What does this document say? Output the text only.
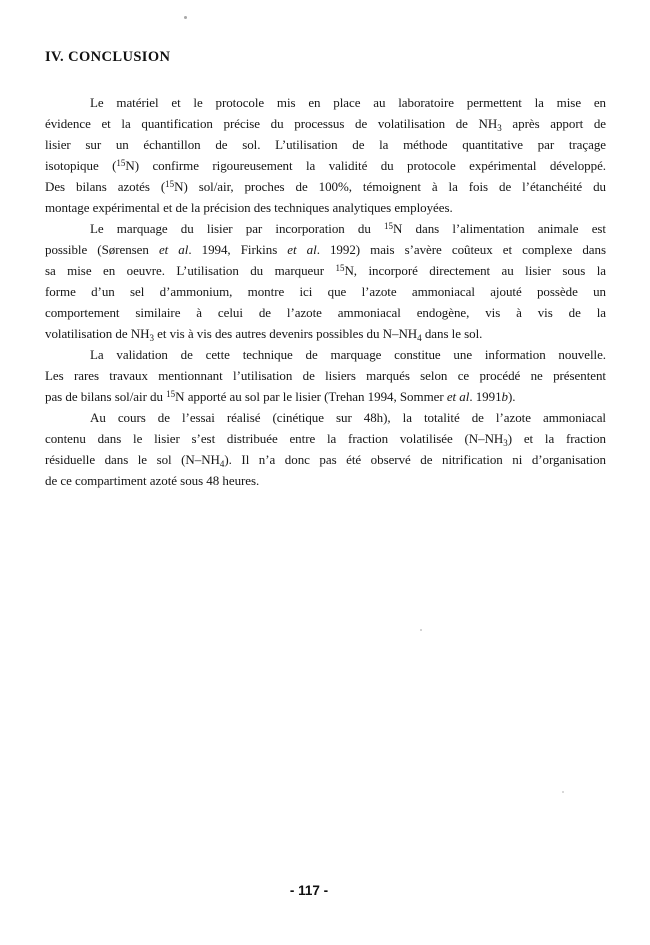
IV. CONCLUSION
Le matériel et le protocole mis en place au laboratoire permettent la mise en
évidence et la quantification précise du processus de volatilisation de $NH_3$ après apport de
lisier sur un échantillon de sol. L’utilisation de la méthode quantitative par traçage
isotopique ($^{15}$N) confirme rigoureusement la validité du protocole expérimental développé.
Des bilans azotés ($^{15}$N) sol/air, proches de 100%, témoignent à la fois de l’étanchéité du
montage expérimental et de la précision des techniques analytiques employées.
Le marquage du lisier par incorporation du $^{15}$N dans l’alimentation animale est
possible (Sørensen et al. 1994, Firkins et al. 1992) mais s’avère coûteux et complexe dans
sa mise en oeuvre. L’utilisation du marqueur $^{15}$N, incorporé directement au lisier sous la
forme d’un sel d’ammonium, montre ici que l’azote ammoniacal ajouté possède un
comportement similaire à celui de l’azote ammoniacal endogène, vis à vis de la
volatilisation de $NH_3$ et vis à vis des autres devenirs possibles du $N-NH_4$ dans le sol.
La validation de cette technique de marquage constitue une information nouvelle.
Les rares travaux mentionnant l’utilisation de lisiers marqués selon ce procédé ne présentent
pas de bilans sol/air du $^{15}$N apporté au sol par le lisier (Trehan 1994, Sommer et al. 1991b).
Au cours de l’essai réalisé (cinétique sur 48h), la totalité de l’azote ammoniacal
contenu dans le lisier s’est distribuée entre la fraction volatilisée $(N-NH_3)$ et la fraction
résiduelle dans le sol $(N-NH_4)$. Il n’a donc pas été observé de nitrification ni d’organisation
de ce compartiment azoté sous 48 heures.
- 117 -
